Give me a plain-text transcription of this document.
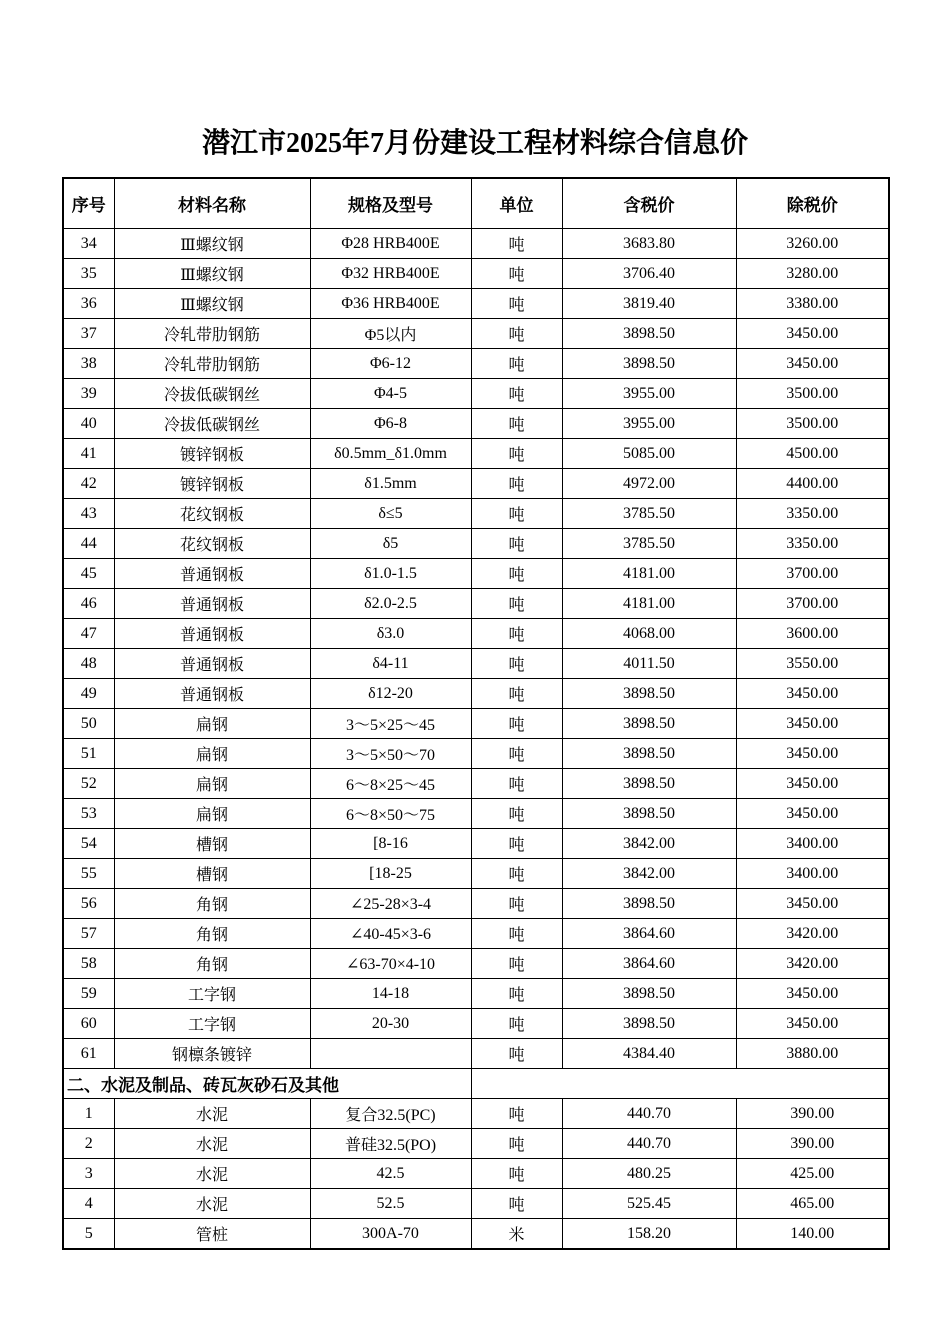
潜江市2025年7月份建设工程材料综合信息价
序号	材料名称	规格及型号	单位	含税价	除税价
34	Ⅲ螺纹钢	Φ28 HRB400E	吨	3683.80	3260.00
35	Ⅲ螺纹钢	Φ32 HRB400E	吨	3706.40	3280.00
36	Ⅲ螺纹钢	Φ36 HRB400E	吨	3819.40	3380.00
37	冷轧带肋钢筋	Φ5以内	吨	3898.50	3450.00
38	冷轧带肋钢筋	Φ6-12	吨	3898.50	3450.00
39	冷拔低碳钢丝	Φ4-5	吨	3955.00	3500.00
40	冷拔低碳钢丝	Φ6-8	吨	3955.00	3500.00
41	镀锌钢板	δ0.5mm_δ1.0mm	吨	5085.00	4500.00
42	镀锌钢板	δ1.5mm	吨	4972.00	4400.00
43	花纹钢板	δ≤5	吨	3785.50	3350.00
44	花纹钢板	δ5	吨	3785.50	3350.00
45	普通钢板	δ1.0-1.5	吨	4181.00	3700.00
46	普通钢板	δ2.0-2.5	吨	4181.00	3700.00
47	普通钢板	δ3.0	吨	4068.00	3600.00
48	普通钢板	δ4-11	吨	4011.50	3550.00
49	普通钢板	δ12-20	吨	3898.50	3450.00
50	扁钢	3～5×25～45	吨	3898.50	3450.00
51	扁钢	3～5×50～70	吨	3898.50	3450.00
52	扁钢	6～8×25～45	吨	3898.50	3450.00
53	扁钢	6～8×50～75	吨	3898.50	3450.00
54	槽钢	[8-16	吨	3842.00	3400.00
55	槽钢	[18-25	吨	3842.00	3400.00
56	角钢	∠25-28×3-4	吨	3898.50	3450.00
57	角钢	∠40-45×3-6	吨	3864.60	3420.00
58	角钢	∠63-70×4-10	吨	3864.60	3420.00
59	工字钢	14-18	吨	3898.50	3450.00
60	工字钢	20-30	吨	3898.50	3450.00
61	钢檩条镀锌		吨	4384.40	3880.00
二、水泥及制品、砖瓦灰砂石及其他					
1	水泥	复合32.5(PC)	吨	440.70	390.00
2	水泥	普硅32.5(PO)	吨	440.70	390.00
3	水泥	42.5	吨	480.25	425.00
4	水泥	52.5	吨	525.45	465.00
5	管桩	300A-70	米	158.20	140.00
